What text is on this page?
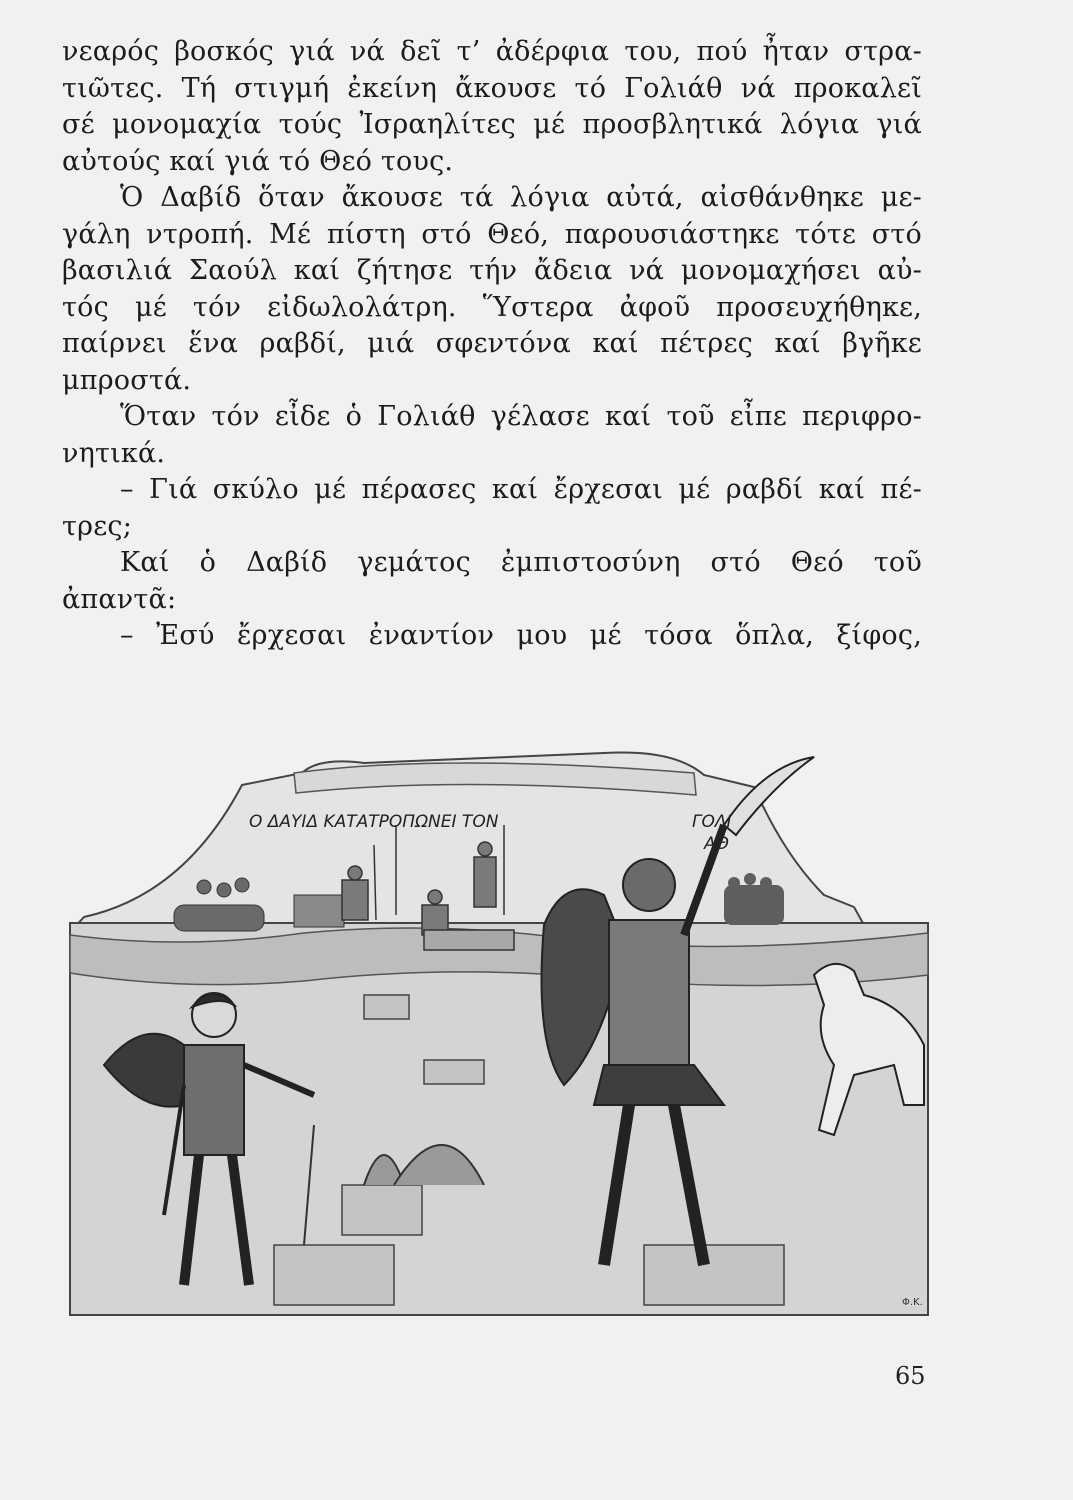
νεαρός βοσκός γιά νά δεῖ τ’ ἀδέρφια του, πού ἦταν στρα-
τιῶτες. Τή στιγμή ἐκείνη ἄκουσε τό Γολιάθ νά προκαλεῖ
σέ μονομαχία τούς Ἰσραηλίτες μέ προσβλητικά λόγια γιά
αὐτούς καί γιά τό Θεό τους.
Ὁ Δαβίδ ὅταν ἄκουσε τά λόγια αὐτά, αἰσθάνθηκε με-
γάλη ντροπή. Μέ πίστη στό Θεό, παρουσιάστηκε τότε στό
βασιλιά Σαούλ καί ζήτησε τήν ἄδεια νά μονομαχήσει αὐ-
τός μέ τόν εἰδωλολάτρη. Ὕστερα ἀφοῦ προσευχήθηκε,
παίρνει ἕνα ραβδί, μιά σφεντόνα καί πέτρες καί βγῆκε
μπροστά.
Ὅταν τόν εἶδε ὁ Γολιάθ γέλασε καί τοῦ εἶπε περιφρο-
νητικά.
– Γιά σκύλο μέ πέρασες καί ἔρχεσαι μέ ραβδί καί πέ-
τρες;
Καί ὁ Δαβίδ γεμάτος ἐμπιστοσύνη στό Θεό τοῦ
ἀπαντᾶ:
– Ἐσύ ἔρχεσαι ἐναντίον μου μέ τόσα ὅπλα, ξίφος,
Ο ΔΑΥΙΔ ΚΑΤΑΤΡΟΠΩΝΕΙ ΤΟΝ	ΓΟΛΙ
ΑΘ
Φ.Κ.
65
